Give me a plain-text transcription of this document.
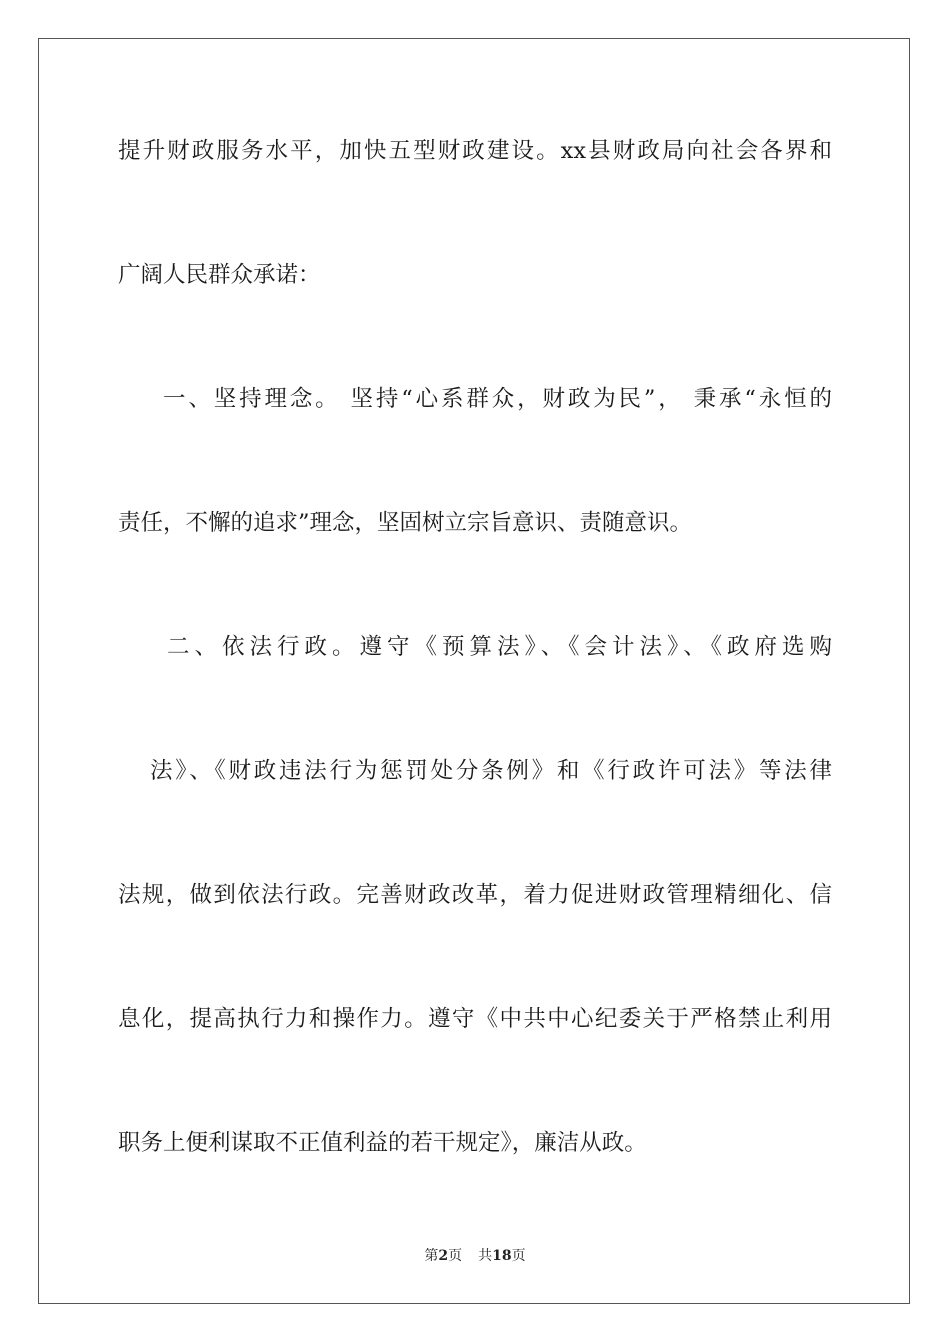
提升财政服务水平，加快五型财政建设。xx县财政局向社会各界和
广阔人民群众承诺：
一、坚持理念。 坚持“心系群众，财政为民”， 秉承“永恒的
责任，不懈的追求”理念，坚固树立宗旨意识、责随意识。
二、依法行政。遵守《预算法》、《会计法》、《政府选购
法》、《财政违法行为惩罚处分条例》和《行政许可法》等法律
法规，做到依法行政。完善财政改革，着力促进财政管理精细化、信
息化，提高执行力和操作力。遵守《中共中心纪委关于严格禁止利用
职务上便利谋取不正值利益的若干规定》，廉洁从政。
第2页 共18页
